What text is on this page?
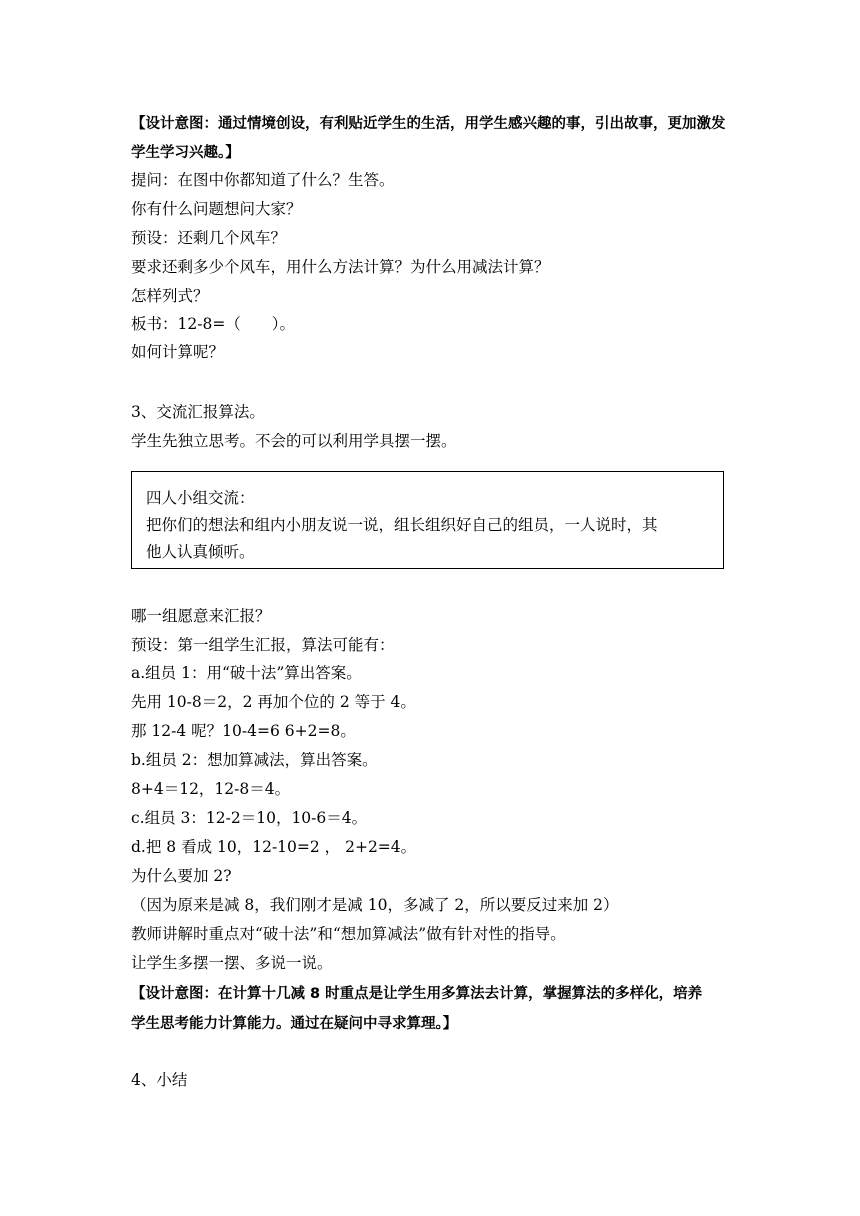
【设计意图：通过情境创设，有利贴近学生的生活，用学生感兴趣的事，引出故事，更加激发
学生学习兴趣。】
提问：在图中你都知道了什么？生答。
你有什么问题想问大家？
预设：还剩几个风车？
要求还剩多少个风车，用什么方法计算？为什么用减法计算？
怎样列式？
板书：12-8=（　　）。
如何计算呢？
3、交流汇报算法。
学生先独立思考。不会的可以利用学具摆一摆。
四人小组交流：
把你们的想法和组内小朋友说一说，组长组织好自己的组员，一人说时，其
他人认真倾听。
哪一组愿意来汇报？
预设：第一组学生汇报，算法可能有：
a.组员 1：用“破十法”算出答案。
先用 10-8＝2，2 再加个位的 2 等于 4。
那 12-4 呢？10-4=6 6+2=8。
b.组员 2：想加算减法，算出答案。
8+4＝12，12-8＝4。
c.组员 3：12-2＝10，10-6＝4。
d.把 8 看成 10，12-10=2 ， 2+2=4。
为什么要加 2?
（因为原来是减 8，我们刚才是减 10，多减了 2，所以要反过来加 2）
教师讲解时重点对“破十法”和“想加算减法”做有针对性的指导。
让学生多摆一摆、多说一说。
【设计意图：在计算十几减 8 时重点是让学生用多算法去计算，掌握算法的多样化，培养
学生思考能力计算能力。通过在疑问中寻求算理。】
4、小结
